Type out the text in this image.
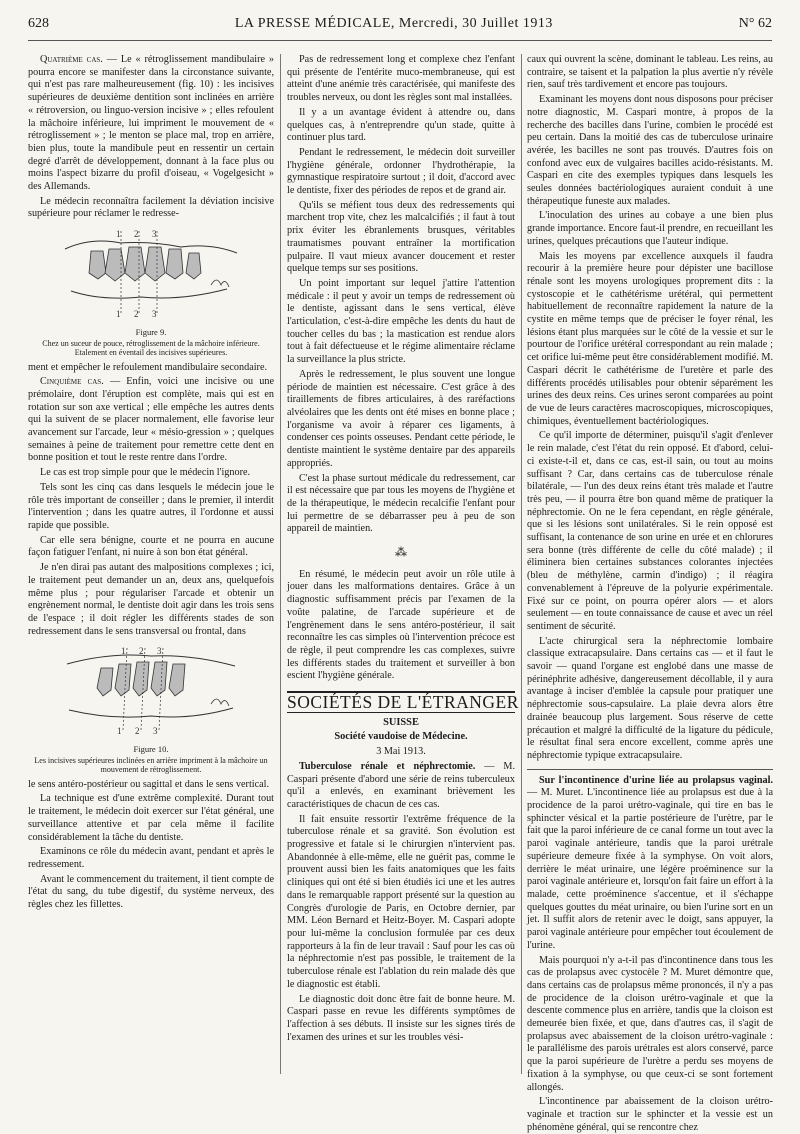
628	LA PRESSE MÉDICALE, Mercredi, 30 Juillet 1913	N° 62

Quatrième cas. — Le « rétroglissement mandibulaire » pourra encore se manifester dans la circonstance suivante, qui n'est pas rare malheureusement (fig. 10) : les incisives supérieures de deuxième dentition sont inclinées en arrière « rétroversion, ou linguo-version incisive » ; elles refoulent la mâchoire inférieure, lui impriment le mouvement de « rétroglissement » ; le menton se place mal, trop en arrière, bien plus, toute la mandibule peut en ressentir un certain degré d'arrêt de développement, donnant à la face plus ou moins l'aspect bizarre du profil d'oiseau, « Vogelgesicht » des Allemands.

Le médecin reconnaîtra facilement la déviation incisive supérieure pour réclamer le redresse-

1 2 3
1 2 3
Figure 9.
Chez un suceur de pouce, rétroglissement de la mâchoire inférieure. Etalement en éventail des incisives supérieures.

ment et empêcher le refoulement mandibulaire secondaire.

Cinquième cas. — Enfin, voici une incisive ou une prémolaire, dont l'éruption est complète, mais qui est en rotation sur son axe vertical ; elle empêche les autres dents qui la suivent de se placer normalement, elle favorise leur avancement sur l'arcade, leur « mésio-gression » ; quelques semaines à peine de traitement pour remettre cette dent en bonne position et tout le reste rentre dans l'ordre.

Le cas est trop simple pour que le médecin l'ignore.

Tels sont les cinq cas dans lesquels le médecin joue le rôle très important de conseiller ; dans le premier, il interdit l'intervention ; dans les quatre autres, il l'ordonne et aussi rapide que possible.

Car elle sera bénigne, courte et ne pourra en aucune façon fatiguer l'enfant, ni nuire à son bon état général.

Je n'en dirai pas autant des malpositions complexes ; ici, le traitement peut demander un an, deux ans, quelquefois même plus ; pour régulariser l'arcade et obtenir un engrènement normal, le dentiste doit agir dans les trois sens de l'espace ; il doit régler les différents stades de son redressement dans le sens transversal ou frontal, dans

1 2 3
1 2 3
Figure 10.
Les incisives supérieures inclinées en arrière impriment à la mâchoire un mouvement de rétroglissement.

le sens antéro-postérieur ou sagittal et dans le sens vertical.

La technique est d'une extrême complexité. Durant tout le traitement, le médecin doit exercer sur l'état général, une surveillance attentive et par cela même il facilite considérablement la tâche du dentiste.

Examinons ce rôle du médecin avant, pendant et après le redressement.

Avant le commencement du traitement, il tient compte de l'état du sang, du tube digestif, du système nerveux, des règles chez les fillettes.

Pas de redressement long et complexe chez l'enfant qui présente de l'entérite muco-membraneuse, qui est atteint d'une anémie très caractérisée, qui manifeste des troubles nerveux, ou dont les règles sont mal installées.

Il y a un avantage évident à attendre ou, dans quelques cas, à n'entreprendre qu'un stade, quitte à continuer plus tard.

Pendant le redressement, le médecin doit surveiller l'hygiène générale, ordonner l'hydrothérapie, la gymnastique respiratoire surtout ; il doit, d'accord avec le dentiste, fixer des périodes de repos et de grand air.

Qu'ils se méfient tous deux des redressements qui marchent trop vite, chez les malcalcifiés ; il faut à tout prix éviter les ébranlements brusques, véritables traumatismes pouvant entraîner la mortification pulpaire. Il vaut mieux avancer doucement et rester quelque temps sur ses positions.

Un point important sur lequel j'attire l'attention médicale : il peut y avoir un temps de redressement où le dentiste, agissant dans le sens vertical, élève l'articulation, c'est-à-dire empêche les dents du haut de toucher celles du bas ; la mastication est rendue alors tout à fait défectueuse et le régime alimentaire réclame la surveillance la plus stricte.

Après le redressement, le plus souvent une longue période de maintien est nécessaire. C'est grâce à des tiraillements de fibres articulaires, à des raréfactions alvéolaires que les dents ont été mises en bonne place ; l'organisme va avoir à réparer ces ligaments, à condenser ces points osseuses. Pendant cette période, le dentiste maintient le système dentaire par des appareils appropriés.

C'est la phase surtout médicale du redressement, car il est nécessaire que par tous les moyens de l'hygiène et de la thérapeutique, le médecin recalcifie l'enfant pour lui permettre de se débarrasser peu à peu de son appareil de maintien.

⁂

En résumé, le médecin peut avoir un rôle utile à jouer dans les malformations dentaires. Grâce à un diagnostic suffisamment précis par l'examen de la voûte palatine, de l'arcade supérieure et de l'engrènement dans le sens antéro-postérieur, il sait reconnaître les cas simples où l'intervention précoce est de règle, il peut comprendre les cas complexes, suivre les différents stades du traitement et surveiller à bon escient l'hygiène générale.

SOCIÉTÉS DE L'ÉTRANGER

SUISSE

Société vaudoise de Médecine.

3 Mai 1913.

Tuberculose rénale et néphrectomie. — M. Caspari présente d'abord une série de reins tuberculeux qu'il a enlevés, en examinant brièvement les caractéristiques de chacun de ces cas.

Il fait ensuite ressortir l'extrême fréquence de la tuberculose rénale et sa gravité. Son évolution est progressive et fatale si le chirurgien n'intervient pas. Abandonnée à elle-même, elle ne guérit pas, comme le prouvent aussi bien les faits anatomiques que les faits cliniques qui ont été si bien étudiés ici une et les autres dans le remarquable rapport présenté sur la question au Congrès d'urologie de Paris, en Octobre dernier, par MM. Léon Bernard et Heitz-Boyer. M. Caspari adopte pour lui-même la conclusion formulée par ces deux rapporteurs à la fin de leur travail : Sauf pour les cas où la néphrectomie n'est pas possible, le traitement de la tuberculose rénale est l'ablation du rein malade dès que le diagnostic est établi.

Le diagnostic doit donc être fait de bonne heure. M. Caspari passe en revue les différents symptômes de l'affection à ses débuts. Il insiste sur les signes tirés de l'examen des urines et sur les troubles vési-

caux qui ouvrent la scène, dominant le tableau. Les reins, au contraire, se taisent et la palpation la plus avertie n'y révèle rien, sauf très tardivement et encore pas toujours.

Examinant les moyens dont nous disposons pour préciser notre diagnostic, M. Caspari montre, à propos de la recherche des bacilles dans l'urine, combien le procédé est peu certain. Dans la moitié des cas de tuberculose urinaire avérée, les bacilles ne sont pas trouvés. D'autres fois on confond avec eux de vulgaires bacilles acido-résistants. M. Caspari en cite des exemples typiques dans lesquels les seules données bactériologiques auraient conduit à une thérapeutique funeste aux malades.

L'inoculation des urines au cobaye a une bien plus grande importance. Encore faut-il prendre, en recueillant les urines, quelques précautions que l'auteur indique.

Mais les moyens par excellence auxquels il faudra recourir à la première heure pour dépister une bacillose rénale sont les moyens urologiques proprement dits : la cystoscopie et le cathétérisme urétéral, qui permettent habituellement de reconnaître rapidement la nature de la cystite en même temps que de préciser le foyer rénal, les lésions étant plus marquées sur le côté de la vessie et sur le pourtour de l'orifice urétéral correspondant au rein malade ; cet orifice lui-même peut être considérablement modifié. M. Caspari décrit le cathétérisme de l'uretère et parle des différents procédés utilisables pour obtenir séparément les urines des deux reins. Ces urines seront comparées au point de vue de leurs caractères macroscopiques, microscopiques, chimiques, éventuellement bactériologiques.

Ce qu'il importe de déterminer, puisqu'il s'agit d'enlever le rein malade, c'est l'état du rein opposé. Et d'abord, celui-ci existe-t-il et, dans ce cas, est-il sain, ou tout au moins suffisant ? Car, dans certains cas de tuberculose rénale bilatérale, — l'un des deux reins étant très malade et l'autre très peu, — il pourra être bon quand même de pratiquer la néphrectomie. On ne le fera cependant, en règle générale, que si les lésions sont unilatérales. Si le rein opposé est suffisant, la contenance de son urine en urée et en chlorures sera bonne (très différente de celle du côté malade) ; il éliminera bien certaines substances colorantes injectées (bleu de méthylène, carmin d'indigo) ; il réagira convenablement à l'épreuve de la polyurie expérimentale. Fixé sur ce point, on pourra opérer alors — et alors seulement — en toute connaissance de cause et avec un réel sentiment de sécurité.

L'acte chirurgical sera la néphrectomie lombaire classique extracapsulaire. Dans certains cas — et il faut le savoir — quand l'organe est englobé dans une masse de périnéphrite adhésive, dangereusement décollable, il y aura avantage à inciser d'emblée la capsule pour pratiquer une néphrectomie sous-capsulaire. La plaie devra alors être drainée beaucoup plus largement. Sous réserve de cette précaution et malgré la difficulté de la ligature du pédicule, le résultat final sera encore excellent, comme après une néphrectomie typique extracapsulaire.

Sur l'incontinence d'urine liée au prolapsus vaginal. — M. Muret. L'incontinence liée au prolapsus est due à la procidence de la paroi urétro-vaginale, qui tire en bas le sphincter vésical et la partie postérieure de l'urètre, par le fait que la paroi inférieure de ce canal forme un tout avec la paroi vaginale antérieure, tandis que la paroi urétrale supérieure demeure fixée à la symphyse. On voit alors, derrière le méat urinaire, une légère proéminence sur la paroi vaginale antérieure et, lorsqu'on fait faire un effort à la malade, cette proéminence s'accentue, et il s'échappe quelques gouttes du méat urinaire, ou bien l'urine sort en un jet. Il suffit alors de retenir avec le doigt, sans appuyer, la paroi vaginale antérieure pour empêcher tout écoulement de l'urine.

Mais pourquoi n'y a-t-il pas d'incontinence dans tous les cas de prolapsus avec cystocèle ? M. Muret démontre que, dans certains cas de prolapsus même prononcés, il n'y a pas de procidence de la cloison urétro-vaginale et que la descente commence plus en arrière, tandis que la cloison est demeurée bien fixée, et que, dans d'autres cas, il s'agit de prolapsus avec abaissement de la cloison urétro-vaginale : le parallélisme des parois urétrales est alors conservé, parce que la paroi supérieure de l'urètre a perdu ses moyens de fixation à la symphyse, ou que ceux-ci se sont fortement allongés.

L'incontinence par abaissement de la cloison urétro-vaginale et traction sur le sphincter et la vessie est un phénomène général, qui se rencontre chez
